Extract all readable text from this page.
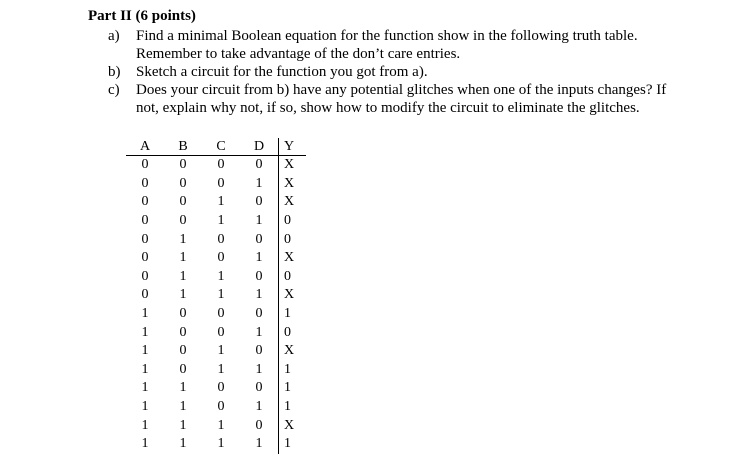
Part II (6 points)
a)	Find a minimal Boolean equation for the function show in the following truth table.
Remember to take advantage of the don’t care entries.
b)	Sketch a circuit for the function you got from a).
c)	Does your circuit from b) have any potential glitches when one of the inputs changes? If
not, explain why not, if so, show how to modify the circuit to eliminate the glitches.
A	B	C	D	Y
0	0	0	0	X
0	0	0	1	X
0	0	1	0	X
0	0	1	1	0
0	1	0	0	0
0	1	0	1	X
0	1	1	0	0
0	1	1	1	X
1	0	0	0	1
1	0	0	1	0
1	0	1	0	X
1	0	1	1	1
1	1	0	0	1
1	1	0	1	1
1	1	1	0	X
1	1	1	1	1
